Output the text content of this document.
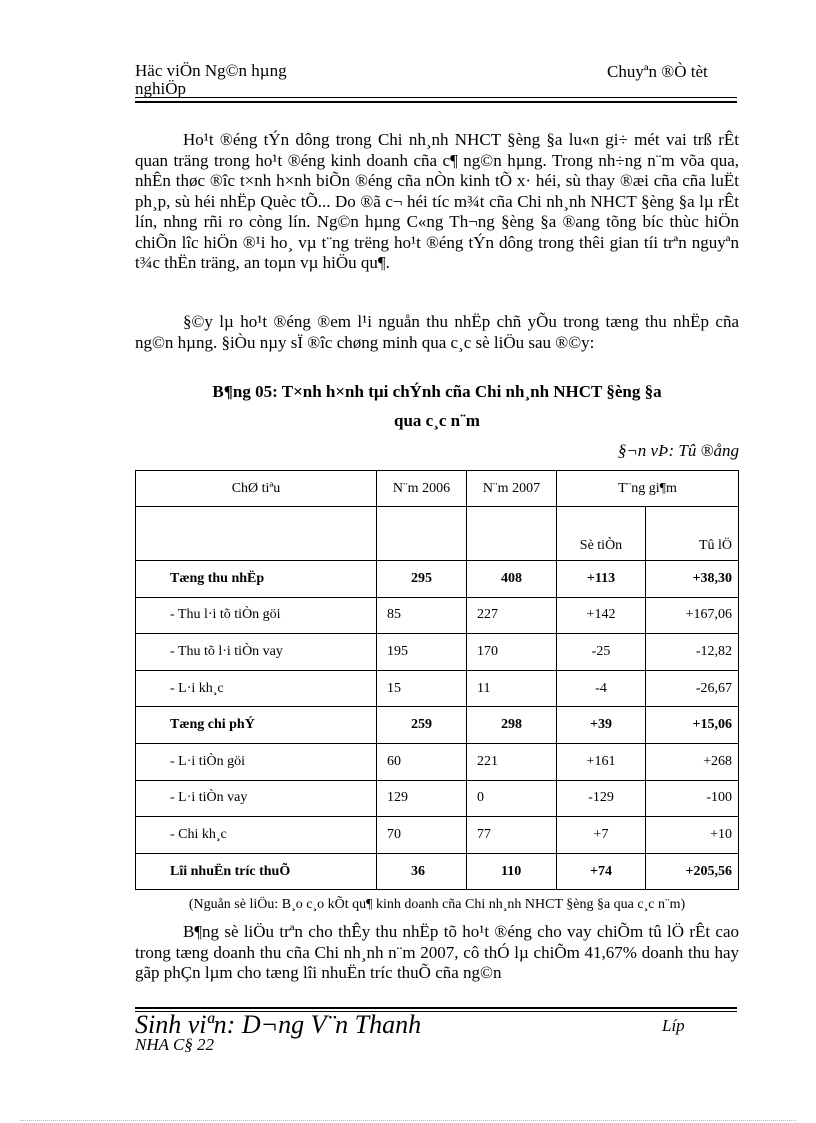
Häc viÖn Ng©n hµng
nghiÖp
Chuyªn ®Ò tèt

Ho¹t ®éng tÝn dông trong Chi nh¸nh NHCT §èng §a lu«n gi÷ mét vai trß rÊt quan träng trong ho¹t ®éng kinh doanh cña c¶ ng©n hµng. Trong nh÷ng n¨m võa qua, nhÊn thøc ®îc t×nh h×nh biÕn ®éng cña nÒn kinh tÕ x· héi, sù thay ®æi cña cña luËt ph¸p, sù héi nhËp Quèc tÕ... Do ®ã c¬ héi tíc m¾t cña Chi nh¸nh NHCT §èng §a lµ rÊt lín, nhng rñi ro còng lín. Ng©n hµng C«ng Th¬ng §èng §a ®ang tõng bíc thùc hiÖn chiÕn lîc hiÖn ®¹i ho¸ vµ t¨ng trëng ho¹t ®éng tÝn dông trong thêi gian tíi trªn nguyªn t¾c thËn träng, an toµn vµ hiÖu qu¶.

§©y lµ ho¹t ®éng ®em l¹i nguån thu nhËp chñ yÕu trong tæng thu nhËp cña ng©n hµng. §iÒu nµy sÏ ®îc chøng minh qua c¸c sè liÖu sau ®©y:

B¶ng 05: T×nh h×nh tµi chÝnh cña Chi nh¸nh NHCT §èng §a
qua c¸c n¨m
§¬n vÞ: Tû ®ång
ChØ tiªu	N¨m 2006	N¨m 2007	T¨ng gi¶m	
			Sè tiÒn	Tû lÖ
Tæng thu nhËp	295	408	+113	+38,30
- Thu l·i tõ tiÒn göi	85	227	+142	+167,06
- Thu tõ l·i tiÒn vay	195	170	-25	-12,82
- L·i kh¸c	15	11	-4	-26,67
Tæng chi phÝ	259	298	+39	+15,06
- L·i tiÒn göi	60	221	+161	+268
- L·i tiÒn vay	129	0	-129	-100
- Chi kh¸c	70	77	+7	+10
Lîi nhuËn tríc thuÕ	36	110	+74	+205,56
(Nguån sè liÖu: B¸o c¸o kÕt qu¶ kinh doanh cña Chi nh¸nh NHCT §èng §a qua c¸c n¨m)

B¶ng sè liÖu trªn cho thÊy thu nhËp tõ ho¹t ®éng cho vay chiÕm tû lÖ rÊt cao trong tæng doanh thu cña Chi nh¸nh n¨m 2007, cô thÓ lµ chiÕm 41,67% doanh thu hay gãp phÇn lµm cho tæng lîi nhuËn tríc thuÕ cña ng©n

Sinh viªn: D¬ng V¨n Thanh	Líp
NHA C§ 22
